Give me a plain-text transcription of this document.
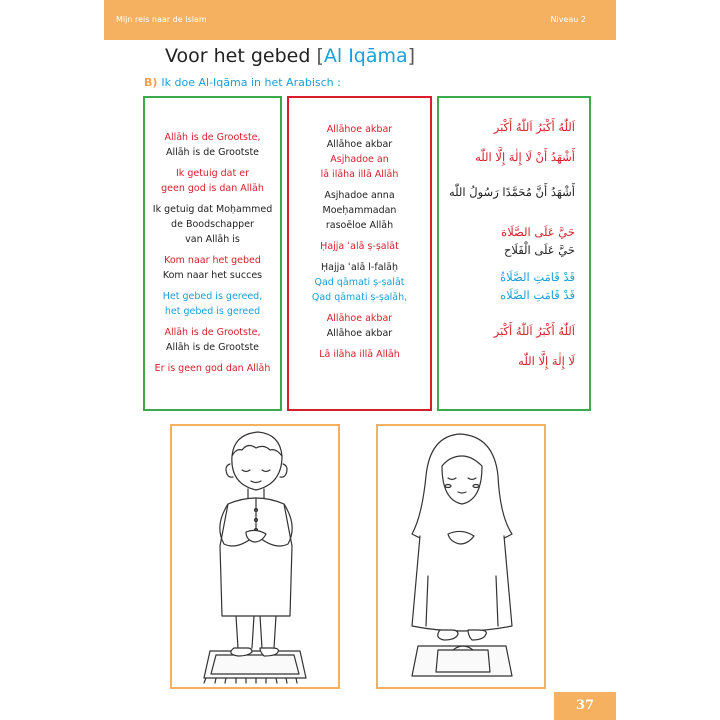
Mijn reis naar de Islam	Niveau 2
Voor het gebed [Al Iqāma]
B) Ik doe Al-Iqāma in het Arabisch :
Allāh is de Grootste,
Allāh is de Grootste
Ik getuig dat er
geen god is dan Allāh
Ik getuig dat Moḥammed
de Boodschapper
van Allāh is
Kom naar het gebed
Kom naar het succes
Het gebed is gereed,
het gebed is gereed
Allāh is de Grootste,
Allāh is de Grootste
Er is geen god dan Allāh
Allāhoe akbar
Allāhoe akbar
Asjhadoe an
lā ilāha illā Allāh
Asjhadoe anna
Moeḥammadan
rasoēloe Allāh
Ḥajja ʿalā ṣ-ṣalāt
Ḥajja ʿalā l-falāḥ
Qad qāmati ṣ-ṣalāt
Qad qāmati ṣ-ṣalāh,
Allāhoe akbar
Allāhoe akbar
Lā ilāha illā Allāh
اَللّٰهُ أَكْبَرُ اَللّٰهُ أَكْبَر
أَشْهَدُ أَنْ لَا إِلٰهَ إِلَّا اللّٰه
أَشْهَدُ أَنَّ مُحَمَّدًا رَسُولُ اللّٰه
حَيَّ عَلَى الصَّلَاة
حَيَّ عَلَى الْفَلَاح
قَدْ قَامَتِ الصَّلَاةُ
قَدْ قَامَتِ الصَّلَاه
اَللّٰهُ أَكْبَرُ اَللّٰهُ أَكْبَر
لَا إِلٰهَ إِلَّا اللّٰه
37
